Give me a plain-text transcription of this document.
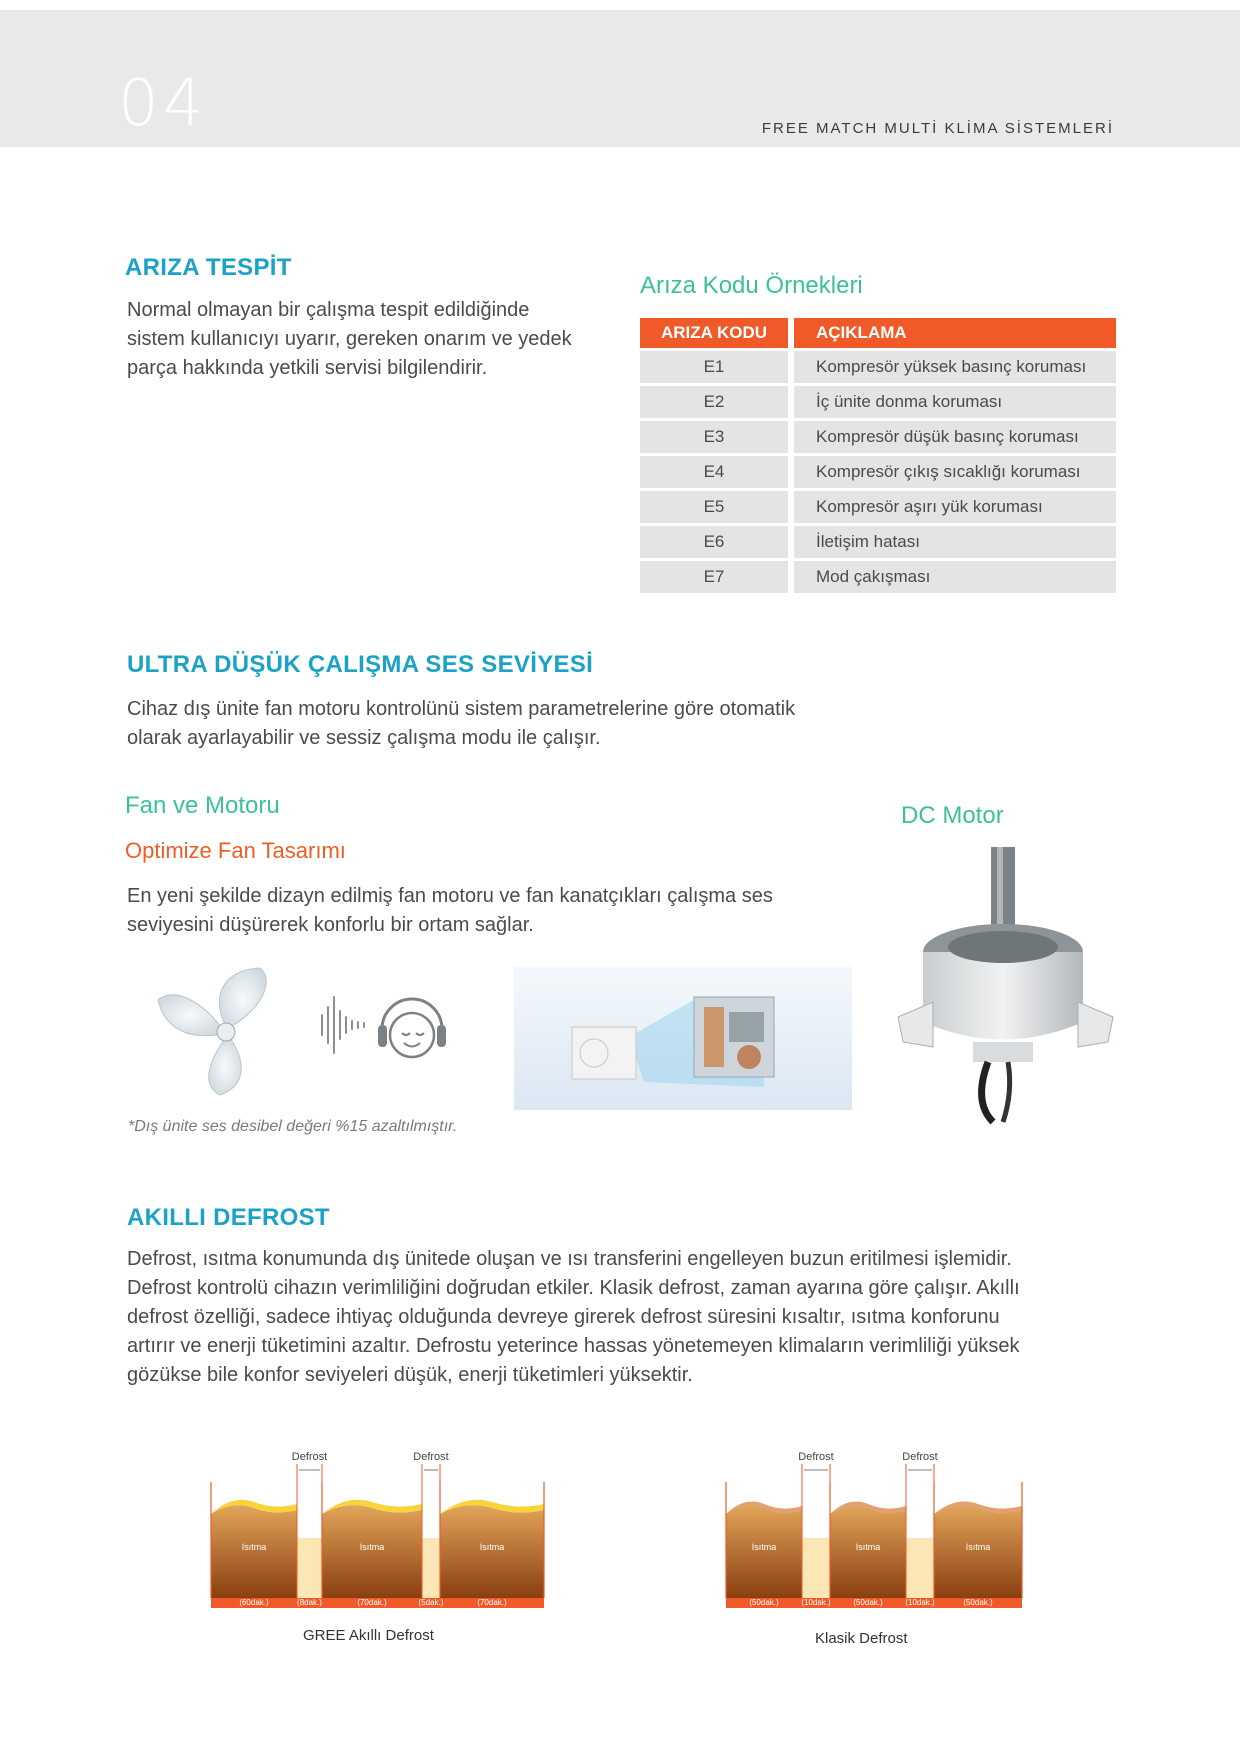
04	FREE MATCH MULTİ KLİMA SİSTEMLERİ
ARIZA TESPİT
Normal olmayan bir çalışma tespit edildiğinde
sistem kullanıcıyı uyarır, gereken onarım ve yedek
parça hakkında yetkili servisi bilgilendirir.
Arıza Kodu Örnekleri
ARIZA KODU	AÇIKLAMA
E1	Kompresör yüksek basınç koruması
E2	İç ünite donma koruması
E3	Kompresör düşük basınç koruması
E4	Kompresör çıkış sıcaklığı koruması
E5	Kompresör aşırı yük koruması
E6	İletişim hatası
E7	Mod çakışması
ULTRA DÜŞÜK ÇALIŞMA SES SEVİYESİ
Cihaz dış ünite fan motoru kontrolünü sistem parametrelerine göre otomatik
olarak ayarlayabilir ve sessiz çalışma modu ile çalışır.
Fan ve Motoru
Optimize Fan Tasarımı
En yeni şekilde dizayn edilmiş fan motoru ve fan kanatçıkları çalışma ses
seviyesini düşürerek konforlu bir ortam sağlar.
DC Motor
*Dış ünite ses desibel değeri %15 azaltılmıştır.
AKILLI DEFROST
Defrost, ısıtma konumunda dış ünitede oluşan ve ısı transferini engelleyen buzun eritilmesi işlemidir.
Defrost kontrolü cihazın verimliliğini doğrudan etkiler. Klasik defrost, zaman ayarına göre çalışır. Akıllı
defrost özelliği, sadece ihtiyaç olduğunda devreye girerek defrost süresini kısaltır, ısıtma konforunu
artırır ve enerji tüketimini azaltır. Defrostu yeterince hassas yönetemeyen klimaların verimliliği yüksek
gözükse bile konfor seviyeleri düşük, enerji tüketimleri yüksektir.
Isıtma
(60dak.)
Defrost
(8dak.)
Isıtma
(70dak.)
Defrost
(5dak.)
Isıtma
(70dak.)
GREE Akıllı Defrost
Isıtma
(50dak.)
Defrost
(10dak.)
Isıtma
(50dak.)
Defrost
(10dak.)
Isıtma
(50dak.)
Klasik Defrost
